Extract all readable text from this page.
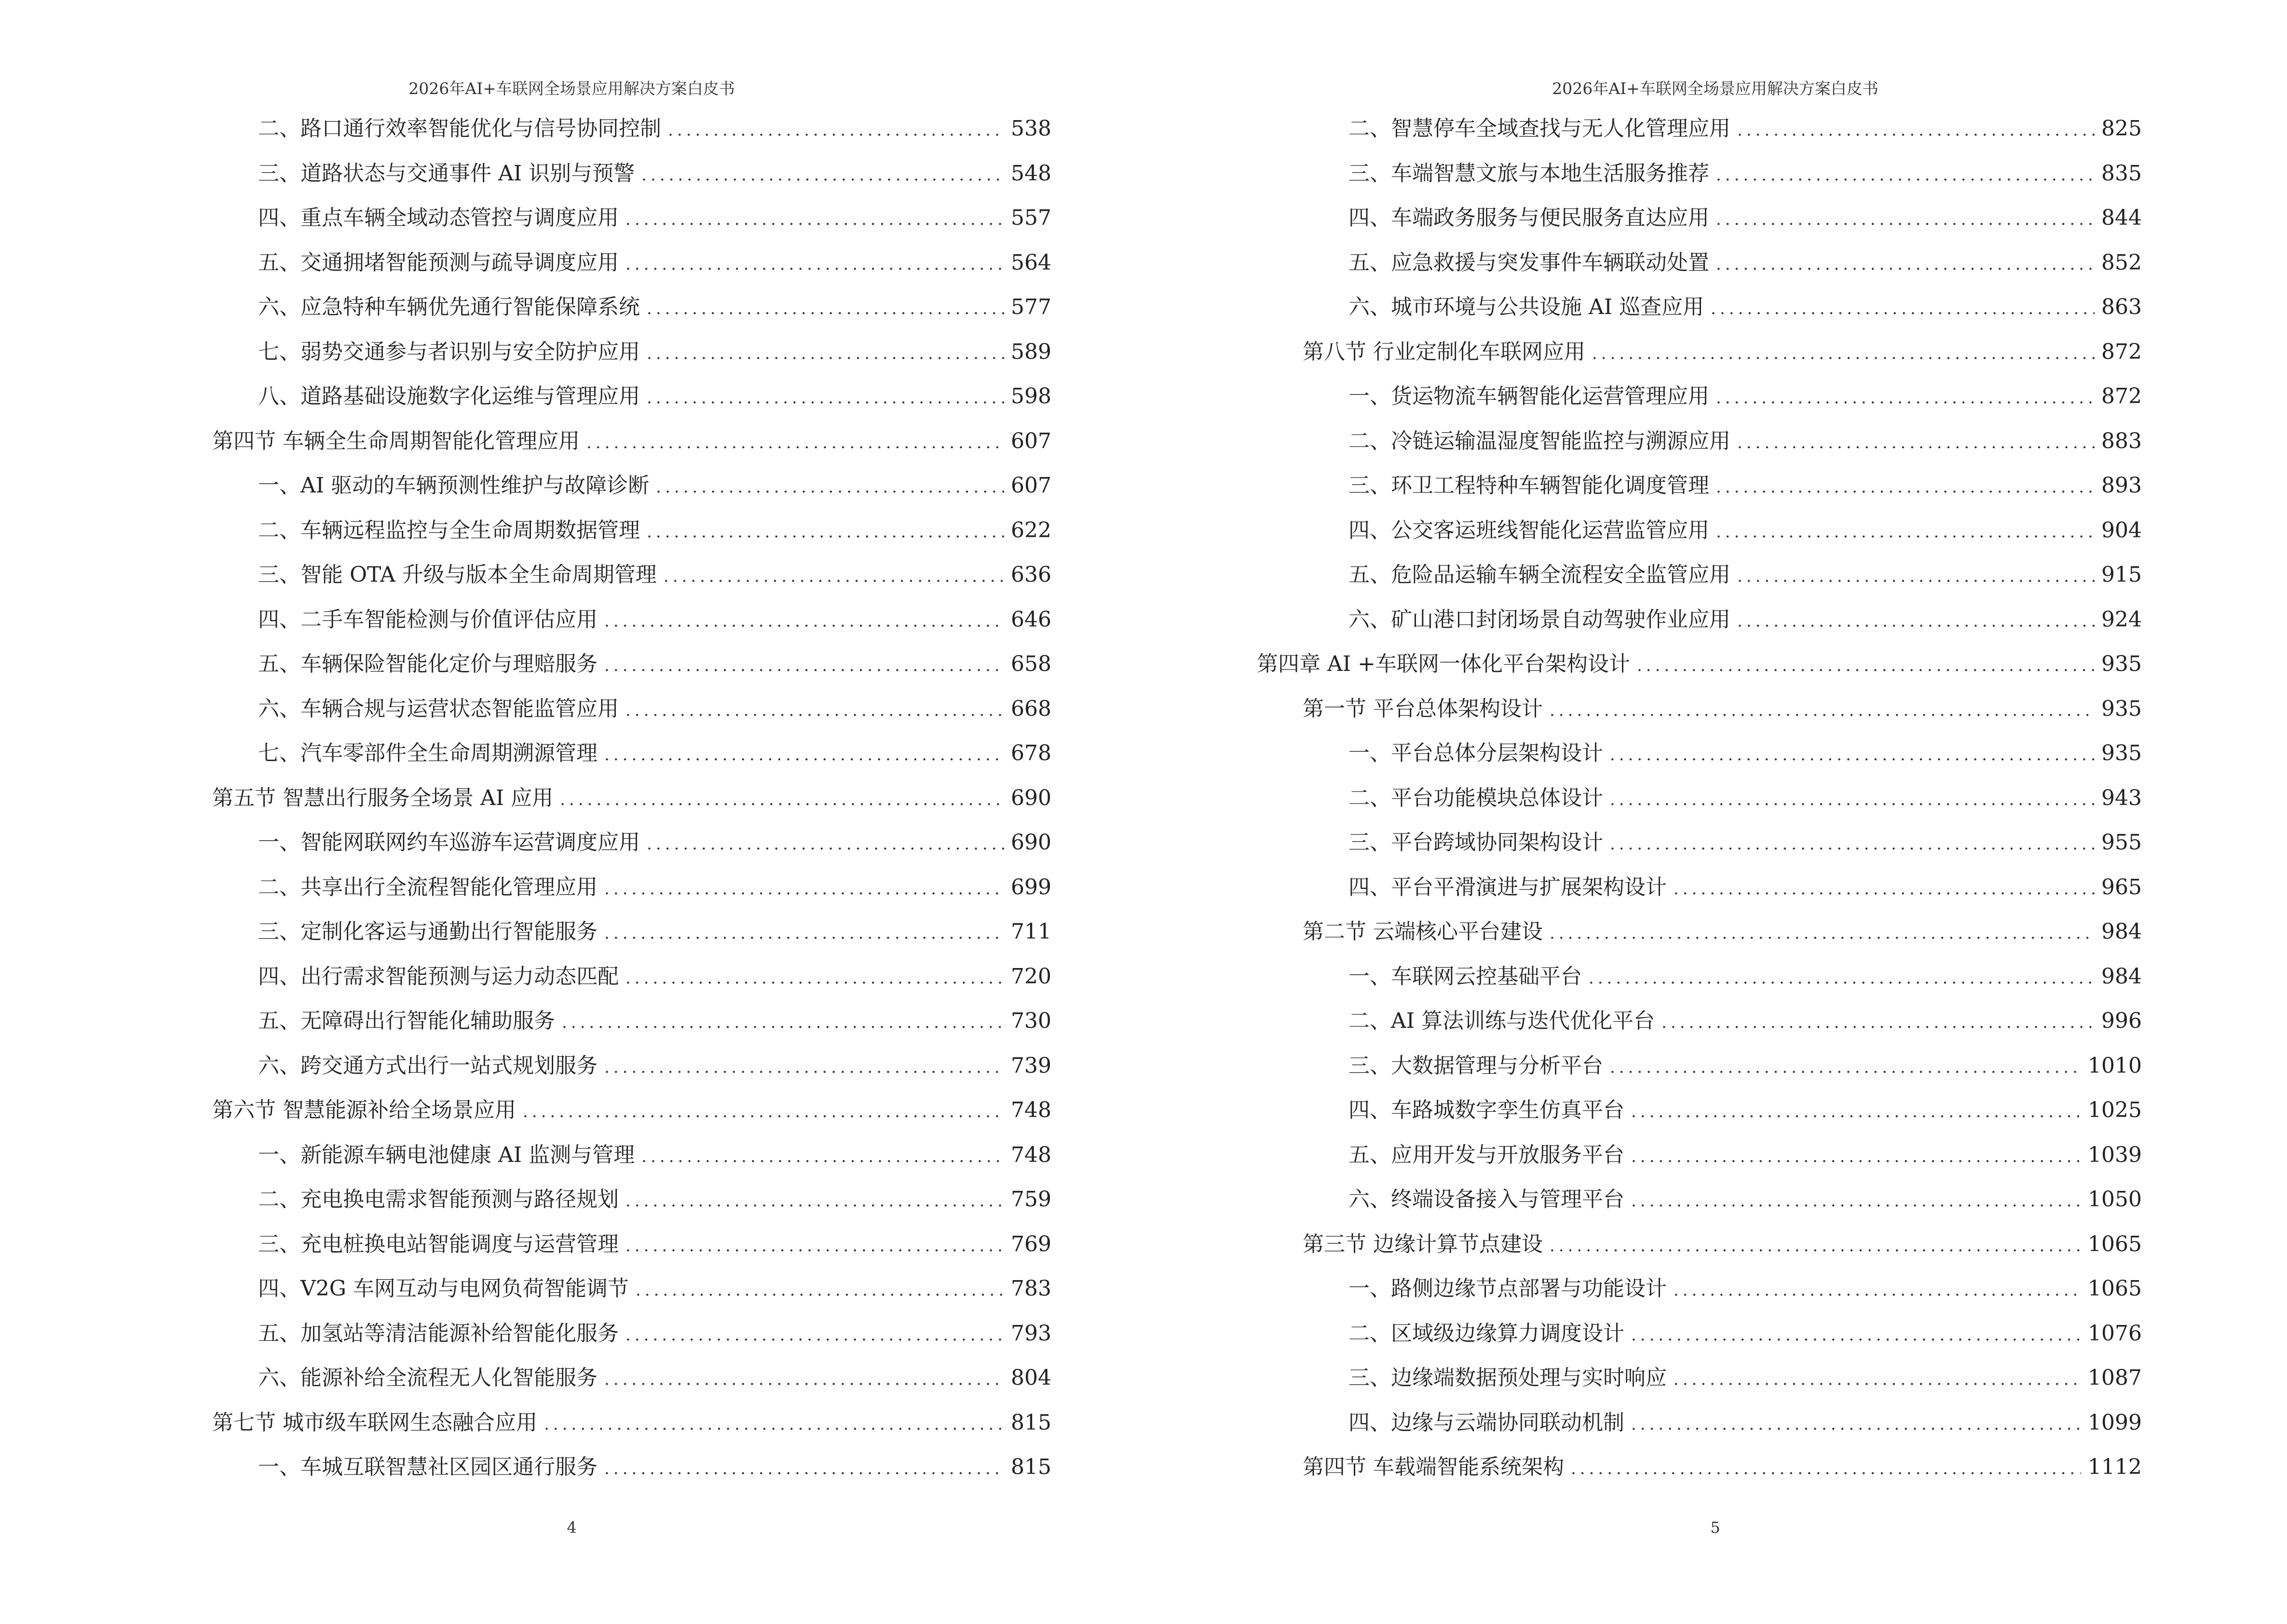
2026年AI+车联网全场景应用解决方案白皮书
二、路口通行效率智能优化与信号协同控制 .....	538
三、道路状态与交通事件 AI 识别与预警 .....	548
四、重点车辆全域动态管控与调度应用 .....	557
五、交通拥堵智能预测与疏导调度应用 .....	564
六、应急特种车辆优先通行智能保障系统 .....	577
七、弱势交通参与者识别与安全防护应用 .....	589
八、道路基础设施数字化运维与管理应用 .....	598
第四节 车辆全生命周期智能化管理应用 .....	607
一、AI 驱动的车辆预测性维护与故障诊断 .....	607
二、车辆远程监控与全生命周期数据管理 .....	622
三、智能 OTA 升级与版本全生命周期管理 .....	636
四、二手车智能检测与价值评估应用 .....	646
五、车辆保险智能化定价与理赔服务 .....	658
六、车辆合规与运营状态智能监管应用 .....	668
七、汽车零部件全生命周期溯源管理 .....	678
第五节 智慧出行服务全场景 AI 应用 .....	690
一、智能网联网约车巡游车运营调度应用 .....	690
二、共享出行全流程智能化管理应用 .....	699
三、定制化客运与通勤出行智能服务 .....	711
四、出行需求智能预测与运力动态匹配 .....	720
五、无障碍出行智能化辅助服务 .....	730
六、跨交通方式出行一站式规划服务 .....	739
第六节 智慧能源补给全场景应用 .....	748
一、新能源车辆电池健康 AI 监测与管理 .....	748
二、充电换电需求智能预测与路径规划 .....	759
三、充电桩换电站智能调度与运营管理 .....	769
四、V2G 车网互动与电网负荷智能调节 .....	783
五、加氢站等清洁能源补给智能化服务 .....	793
六、能源补给全流程无人化智能服务 .....	804
第七节 城市级车联网生态融合应用 .....	815
一、车城互联智慧社区园区通行服务 .....	815
4
2026年AI+车联网全场景应用解决方案白皮书
二、智慧停车全域查找与无人化管理应用 .....	825
三、车端智慧文旅与本地生活服务推荐 .....	835
四、车端政务服务与便民服务直达应用 .....	844
五、应急救援与突发事件车辆联动处置 .....	852
六、城市环境与公共设施 AI 巡查应用 .....	863
第八节 行业定制化车联网应用 .....	872
一、货运物流车辆智能化运营管理应用 .....	872
二、冷链运输温湿度智能监控与溯源应用 .....	883
三、环卫工程特种车辆智能化调度管理 .....	893
四、公交客运班线智能化运营监管应用 .....	904
五、危险品运输车辆全流程安全监管应用 .....	915
六、矿山港口封闭场景自动驾驶作业应用 .....	924
第四章 AI +车联网一体化平台架构设计 .....	935
第一节 平台总体架构设计 .....	935
一、平台总体分层架构设计 .....	935
二、平台功能模块总体设计 .....	943
三、平台跨域协同架构设计 .....	955
四、平台平滑演进与扩展架构设计 .....	965
第二节 云端核心平台建设 .....	984
一、车联网云控基础平台 .....	984
二、AI 算法训练与迭代优化平台 .....	996
三、大数据管理与分析平台 .....	1010
四、车路城数字孪生仿真平台 .....	1025
五、应用开发与开放服务平台 .....	1039
六、终端设备接入与管理平台 .....	1050
第三节 边缘计算节点建设 .....	1065
一、路侧边缘节点部署与功能设计 .....	1065
二、区域级边缘算力调度设计 .....	1076
三、边缘端数据预处理与实时响应 .....	1087
四、边缘与云端协同联动机制 .....	1099
第四节 车载端智能系统架构 .....	1112
5
